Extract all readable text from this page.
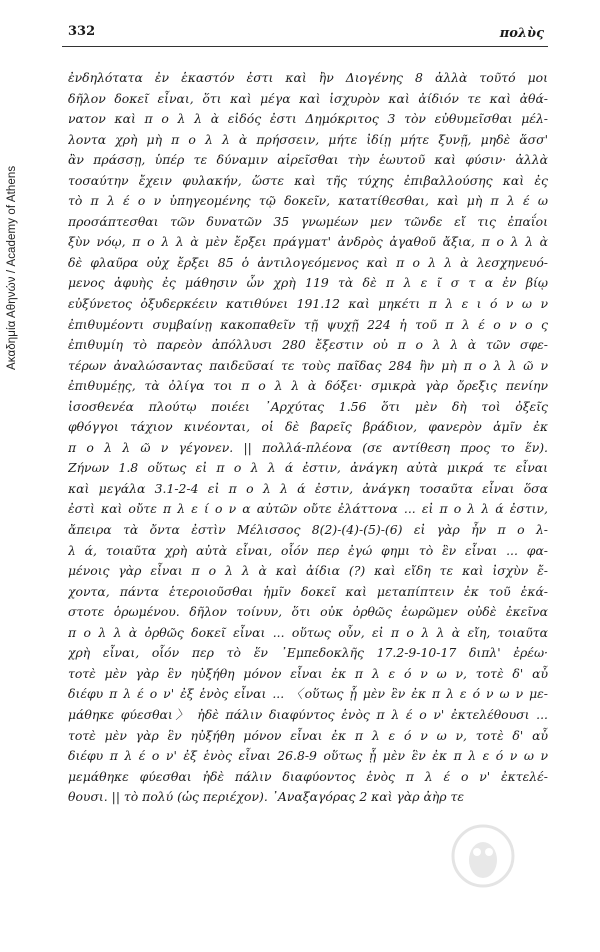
Ακαδημία Αθηνών / Academy of Athens
332	πολὺς
ἐνδηλότατα ἐν ἑκαστόν ἐστι καὶ ἢν Διογένης 8 ἀλλὰ τοῦτό μοι
δῆλον δοκεῖ εἶναι, ὅτι καὶ μέγα καὶ ἰσχυρὸν καὶ ἀίδιόν τε καὶ ἀθά-
νατον καὶ π ο λ λ ὰ εἰδός ἐστι Δημόκριτος 3 τὸν εὐθυμεῖσθαι μέλ-
λοντα χρὴ μὴ π ο λ λ ὰ πρήσσειν, μήτε ἰδίῃ μήτε ξυνῇ, μηδὲ ἅσσ'
ἂν πράσσῃ, ὑπέρ τε δύναμιν αἱρεῖσθαι τὴν ἑωυτοῦ καὶ φύσιν· ἀλλὰ
τοσαύτην ἔχειν φυλακήν, ὥστε καὶ τῆς τύχης ἐπιβαλλούσης καὶ ἐς
τὸ π λ έ ο ν ὑπηγεομένης τῷ δοκεῖν, κατατίθεσθαι, καὶ μὴ π λ έ ω
προσάπτεσθαι τῶν δυνατῶν 35 γνωμέων μεν τῶνδε εἴ τις ἐπαΐοι
ξὺν νόῳ, π ο λ λ ὰ μὲν ἔρξει πράγματ' ἀνδρὸς ἀγαθοῦ ἄξια, π ο λ λ ὰ
δὲ φλαῦρα οὐχ ἔρξει 85 ὁ ἀντιλογεόμενος καὶ π ο λ λ ὰ λεσχηνευό-
μενος ἀφυὴς ἐς μάθησιν ὧν χρὴ 119 τὰ δὲ π λ ε ῖ σ τ α ἐν βίῳ
εὐξύνετος ὀξυδερκέειν κατιθύνει 191.12 καὶ μηκέτι π λ ε ι ό ν ω ν
ἐπιθυμέοντι συμβαίνῃ κακοπαθεῖν τῇ ψυχῇ 224 ἡ τοῦ π λ έ ο ν ο ς
ἐπιθυμίη τὸ παρεὸν ἀπόλλυσι 280 ἔξεστιν οὐ π ο λ λ ὰ τῶν σφε-
τέρων ἀναλώσαντας παιδεῦσαί τε τοὺς παῖδας 284 ἢν μὴ π ο λ λ ῶ ν
ἐπιθυμέῃς, τὰ ὀλίγα τοι π ο λ λ ὰ δόξει· σμικρὰ γὰρ ὄρεξις πενίην
ἰσοσθενέα πλούτῳ ποιέει ᾿Αρχύτας 1.56 ὅτι μὲν δὴ τοὶ ὀξεῖς
φθόγγοι τάχιον κινέονται, οἱ δὲ βαρεῖς βράδιον, φανερὸν ἁμῖν ἐκ
π ο λ λ ῶ ν γέγονεν. || πολλά-πλέονα (σε αντίθεση προς το ἕν).
Ζήνων 1.8 οὕτως εἰ π ο λ λ ά ἐστιν, ἀνάγκη αὐτὰ μικρά τε εἶναι
καὶ μεγάλα 3.1-2-4 εἰ π ο λ λ ά ἐστιν, ἀνάγκη τοσαῦτα εἶναι ὅσα
ἐστὶ καὶ οὔτε π λ ε ί ο ν α αὐτῶν οὔτε ἐλάττονα ... εἰ π ο λ λ ά ἐστιν,
ἄπειρα τὰ ὄντα ἐστὶν Μέλισσος 8(2)-(4)-(5)-(6) εἰ γὰρ ἦν π ο λ-
λ ά, τοιαῦτα χρὴ αὐτὰ εἶναι, οἷόν περ ἐγώ φημι τὸ ἓν εἶναι ... φα-
μένοις γὰρ εἶναι π ο λ λ ὰ καὶ ἀίδια (?) καὶ εἴδη τε καὶ ἰσχὺν ἔ-
χοντα, πάντα ἑτεροιοῦσθαι ἡμῖν δοκεῖ καὶ μεταπίπτειν ἐκ τοῦ ἑκά-
στοτε ὁρωμένου. δῆλον τοίνυν, ὅτι οὐκ ὀρθῶς ἑωρῶμεν οὐδὲ ἐκεῖνα
π ο λ λ ὰ ὀρθῶς δοκεῖ εἶναι ... οὕτως οὖν, εἰ π ο λ λ ὰ εἴη, τοιαῦτα
χρὴ εἶναι, οἷόν περ τὸ ἕν ᾿Εμπεδοκλῆς 17.2-9-10-17 διπλ' ἐρέω·
τοτὲ μὲν γὰρ ἓν ηὐξήθη μόνον εἶναι ἐκ π λ ε ό ν ω ν, τοτὲ δ' αὖ
διέφυ π λ έ ο ν' ἐξ ἑνὸς εἶναι ... 〈οὕτως ᾗ μὲν ἓν ἐκ π λ ε ό ν ω ν με-
μάθηκε φύεσθαι〉 ἠδὲ πάλιν διαφύντος ἑνὸς π λ έ ο ν' ἐκτελέθουσι ...
τοτὲ μὲν γὰρ ἓν ηὐξήθη μόνον εἶναι ἐκ π λ ε ό ν ω ν, τοτὲ δ' αὖ
διέφυ π λ έ ο ν' ἐξ ἑνὸς εἶναι 26.8-9 οὕτως ᾗ μὲν ἓν ἐκ π λ ε ό ν ω ν
μεμάθηκε φύεσθαι ἠδὲ πάλιν διαφύοντος ἑνὸς π λ έ ο ν' ἐκτελέ-
θουσι. || τὸ πολύ (ὡς περιέχον). ᾿Αναξαγόρας 2 καὶ γὰρ ἀὴρ τε
